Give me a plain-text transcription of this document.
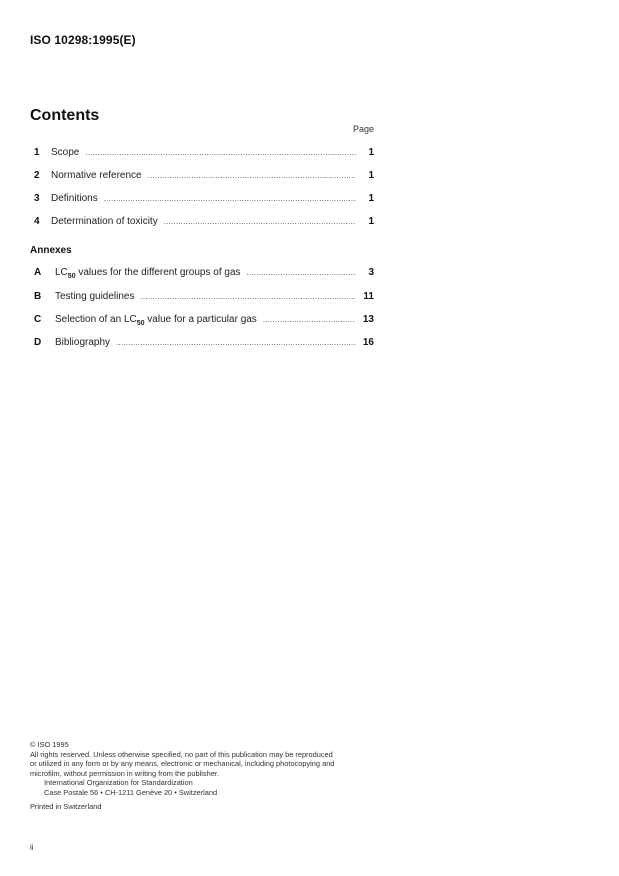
ISO 10298:1995(E)
Contents
Page
1	Scope .....	1
2	Normative reference .....	1
3	Definitions .....	1
4	Determination of toxicity .....	1
Annexes
A	$LC_{50}$ values for the different groups of gas .....	3
B	Testing guidelines .....	11
C	Selection of an $LC_{50}$ value for a particular gas .....	13
D	Bibliography .....	16
© ISO 1995
All rights reserved. Unless otherwise specified, no part of this publication may be reproduced
or utilized in any form or by any means, electronic or mechanical, including photocopying and
microfilm, without permission in writing from the publisher.
International Organization for Standardization
Case Postale 56 • CH-1211 Genève 20 • Switzerland
Printed in Switzerland
ii
